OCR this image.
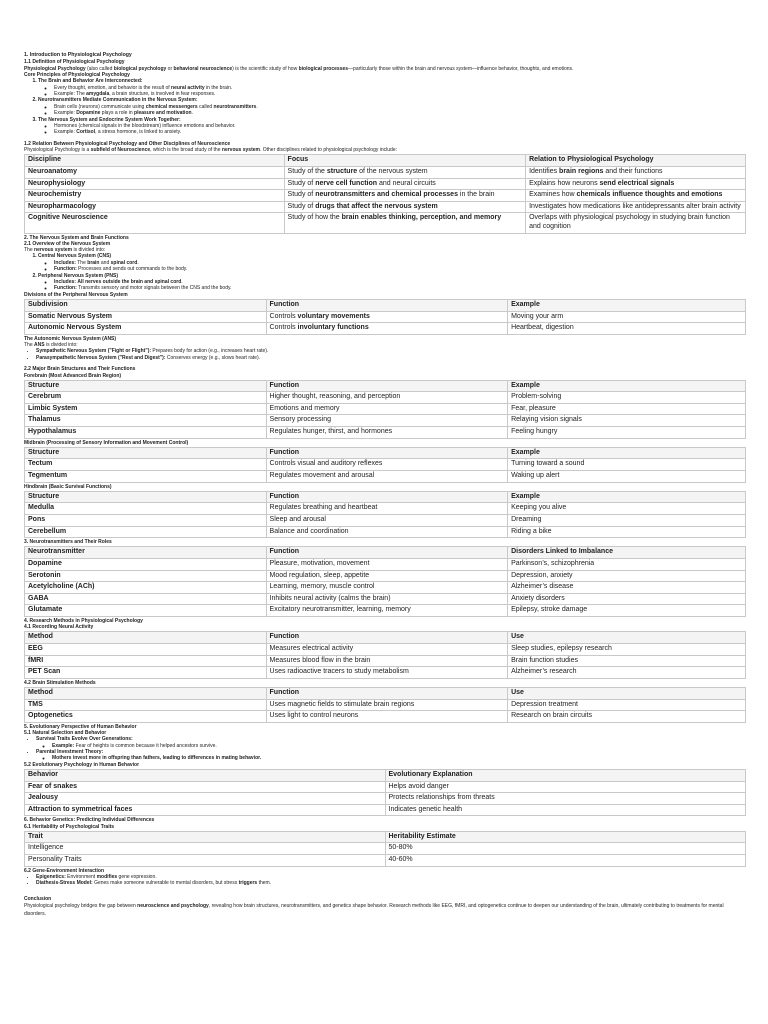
1. Introduction to Physiological Psychology
1.1 Definition of Physiological Psychology
Physiological Psychology (also called biological psychology or behavioral neuroscience) is the scientific study of how biological processes—particularly those within the brain and nervous system—influence behavior, thoughts, and emotions.
Core Principles of Physiological Psychology
1. The Brain and Behavior Are Interconnected:
◦ Every thought, emotion, and behavior is the result of neural activity in the brain.
◦ Example: The amygdala, a brain structure, is involved in fear responses.
2. Neurotransmitters Mediate Communication in the Nervous System:
◦ Brain cells (neurons) communicate using chemical messengers called neurotransmitters.
◦ Example: Dopamine plays a role in pleasure and motivation.
3. The Nervous System and Endocrine System Work Together:
◦ Hormones (chemical signals in the bloodstream) influence emotions and behavior.
◦ Example: Cortisol, a stress hormone, is linked to anxiety.
1.2 Relation Between Physiological Psychology and Other Disciplines of Neuroscience
Physiological Psychology is a subfield of Neuroscience, which is the broad study of the nervous system. Other disciplines related to physiological psychology include:
Discipline	Focus	Relation to Physiological Psychology
Neuroanatomy	Study of the structure of the nervous system	Identifies brain regions and their functions
Neurophysiology	Study of nerve cell function and neural circuits	Explains how neurons send electrical signals
Neurochemistry	Study of neurotransmitters and chemical processes in the brain	Examines how chemicals influence thoughts and emotions
Neuropharmacology	Study of drugs that affect the nervous system	Investigates how medications like antidepressants alter brain activity
Cognitive Neuroscience	Study of how the brain enables thinking, perception, and memory	Overlaps with physiological psychology in studying brain function and cognition
2. The Nervous System and Brain Functions
2.1 Overview of the Nervous System
The nervous system is divided into:
1. Central Nervous System (CNS)
◦ Includes: The brain and spinal cord.
◦ Function: Processes and sends out commands to the body.
2. Peripheral Nervous System (PNS)
◦ Includes: All nerves outside the brain and spinal cord.
◦ Function: Transmits sensory and motor signals between the CNS and the body.
Divisions of the Peripheral Nervous System
Subdivision	Function	Example
Somatic Nervous System	Controls voluntary movements	Moving your arm
Autonomic Nervous System	Controls involuntary functions	Heartbeat, digestion
The Autonomic Nervous System (ANS)
The ANS is divided into:
• Sympathetic Nervous System ("Fight or Flight"): Prepares body for action (e.g., increases heart rate).
• Parasympathetic Nervous System ("Rest and Digest"): Conserves energy (e.g., slows heart rate).
2.2 Major Brain Structures and Their Functions
Forebrain (Most Advanced Brain Region)
Structure	Function	Example
Cerebrum	Higher thought, reasoning, and perception	Problem-solving
Limbic System	Emotions and memory	Fear, pleasure
Thalamus	Sensory processing	Relaying vision signals
Hypothalamus	Regulates hunger, thirst, and hormones	Feeling hungry
Midbrain (Processing of Sensory Information and Movement Control)
Structure	Function	Example
Tectum	Controls visual and auditory reflexes	Turning toward a sound
Tegmentum	Regulates movement and arousal	Waking up alert
Hindbrain (Basic Survival Functions)
Structure	Function	Example
Medulla	Regulates breathing and heartbeat	Keeping you alive
Pons	Sleep and arousal	Dreaming
Cerebellum	Balance and coordination	Riding a bike
3. Neurotransmitters and Their Roles
Neurotransmitter	Function	Disorders Linked to Imbalance
Dopamine	Pleasure, motivation, movement	Parkinson’s, schizophrenia
Serotonin	Mood regulation, sleep, appetite	Depression, anxiety
Acetylcholine (ACh)	Learning, memory, muscle control	Alzheimer’s disease
GABA	Inhibits neural activity (calms the brain)	Anxiety disorders
Glutamate	Excitatory neurotransmitter, learning, memory	Epilepsy, stroke damage
4. Research Methods in Physiological Psychology
4.1 Recording Neural Activity
Method	Function	Use
EEG	Measures electrical activity	Sleep studies, epilepsy research
fMRI	Measures blood flow in the brain	Brain function studies
PET Scan	Uses radioactive tracers to study metabolism	Alzheimer’s research
4.2 Brain Stimulation Methods
Method	Function	Use
TMS	Uses magnetic fields to stimulate brain regions	Depression treatment
Optogenetics	Uses light to control neurons	Research on brain circuits
5. Evolutionary Perspective of Human Behavior
5.1 Natural Selection and Behavior
• Survival Traits Evolve Over Generations:
◦ Example: Fear of heights is common because it helped ancestors survive.
• Parental Investment Theory:
◦ Mothers invest more in offspring than fathers, leading to differences in mating behavior.
5.2 Evolutionary Psychology in Human Behavior
Behavior	Evolutionary Explanation
Fear of snakes	Helps avoid danger
Jealousy	Protects relationships from threats
Attraction to symmetrical faces	Indicates genetic health
6. Behavior Genetics: Predicting Individual Differences
6.1 Heritability of Psychological Traits
Trait	Heritability Estimate
Intelligence	50-80%
Personality Traits	40-60%
6.2 Gene-Environment Interaction
• Epigenetics: Environment modifies gene expression.
• Diathesis-Stress Model: Genes make someone vulnerable to mental disorders, but stress triggers them.
Conclusion
Physiological psychology bridges the gap between neuroscience and psychology, revealing how brain structures, neurotransmitters, and genetics shape behavior. Research methods like EEG, fMRI, and optogenetics continue to deepen our understanding of the brain, ultimately contributing to treatments for mental disorders.
